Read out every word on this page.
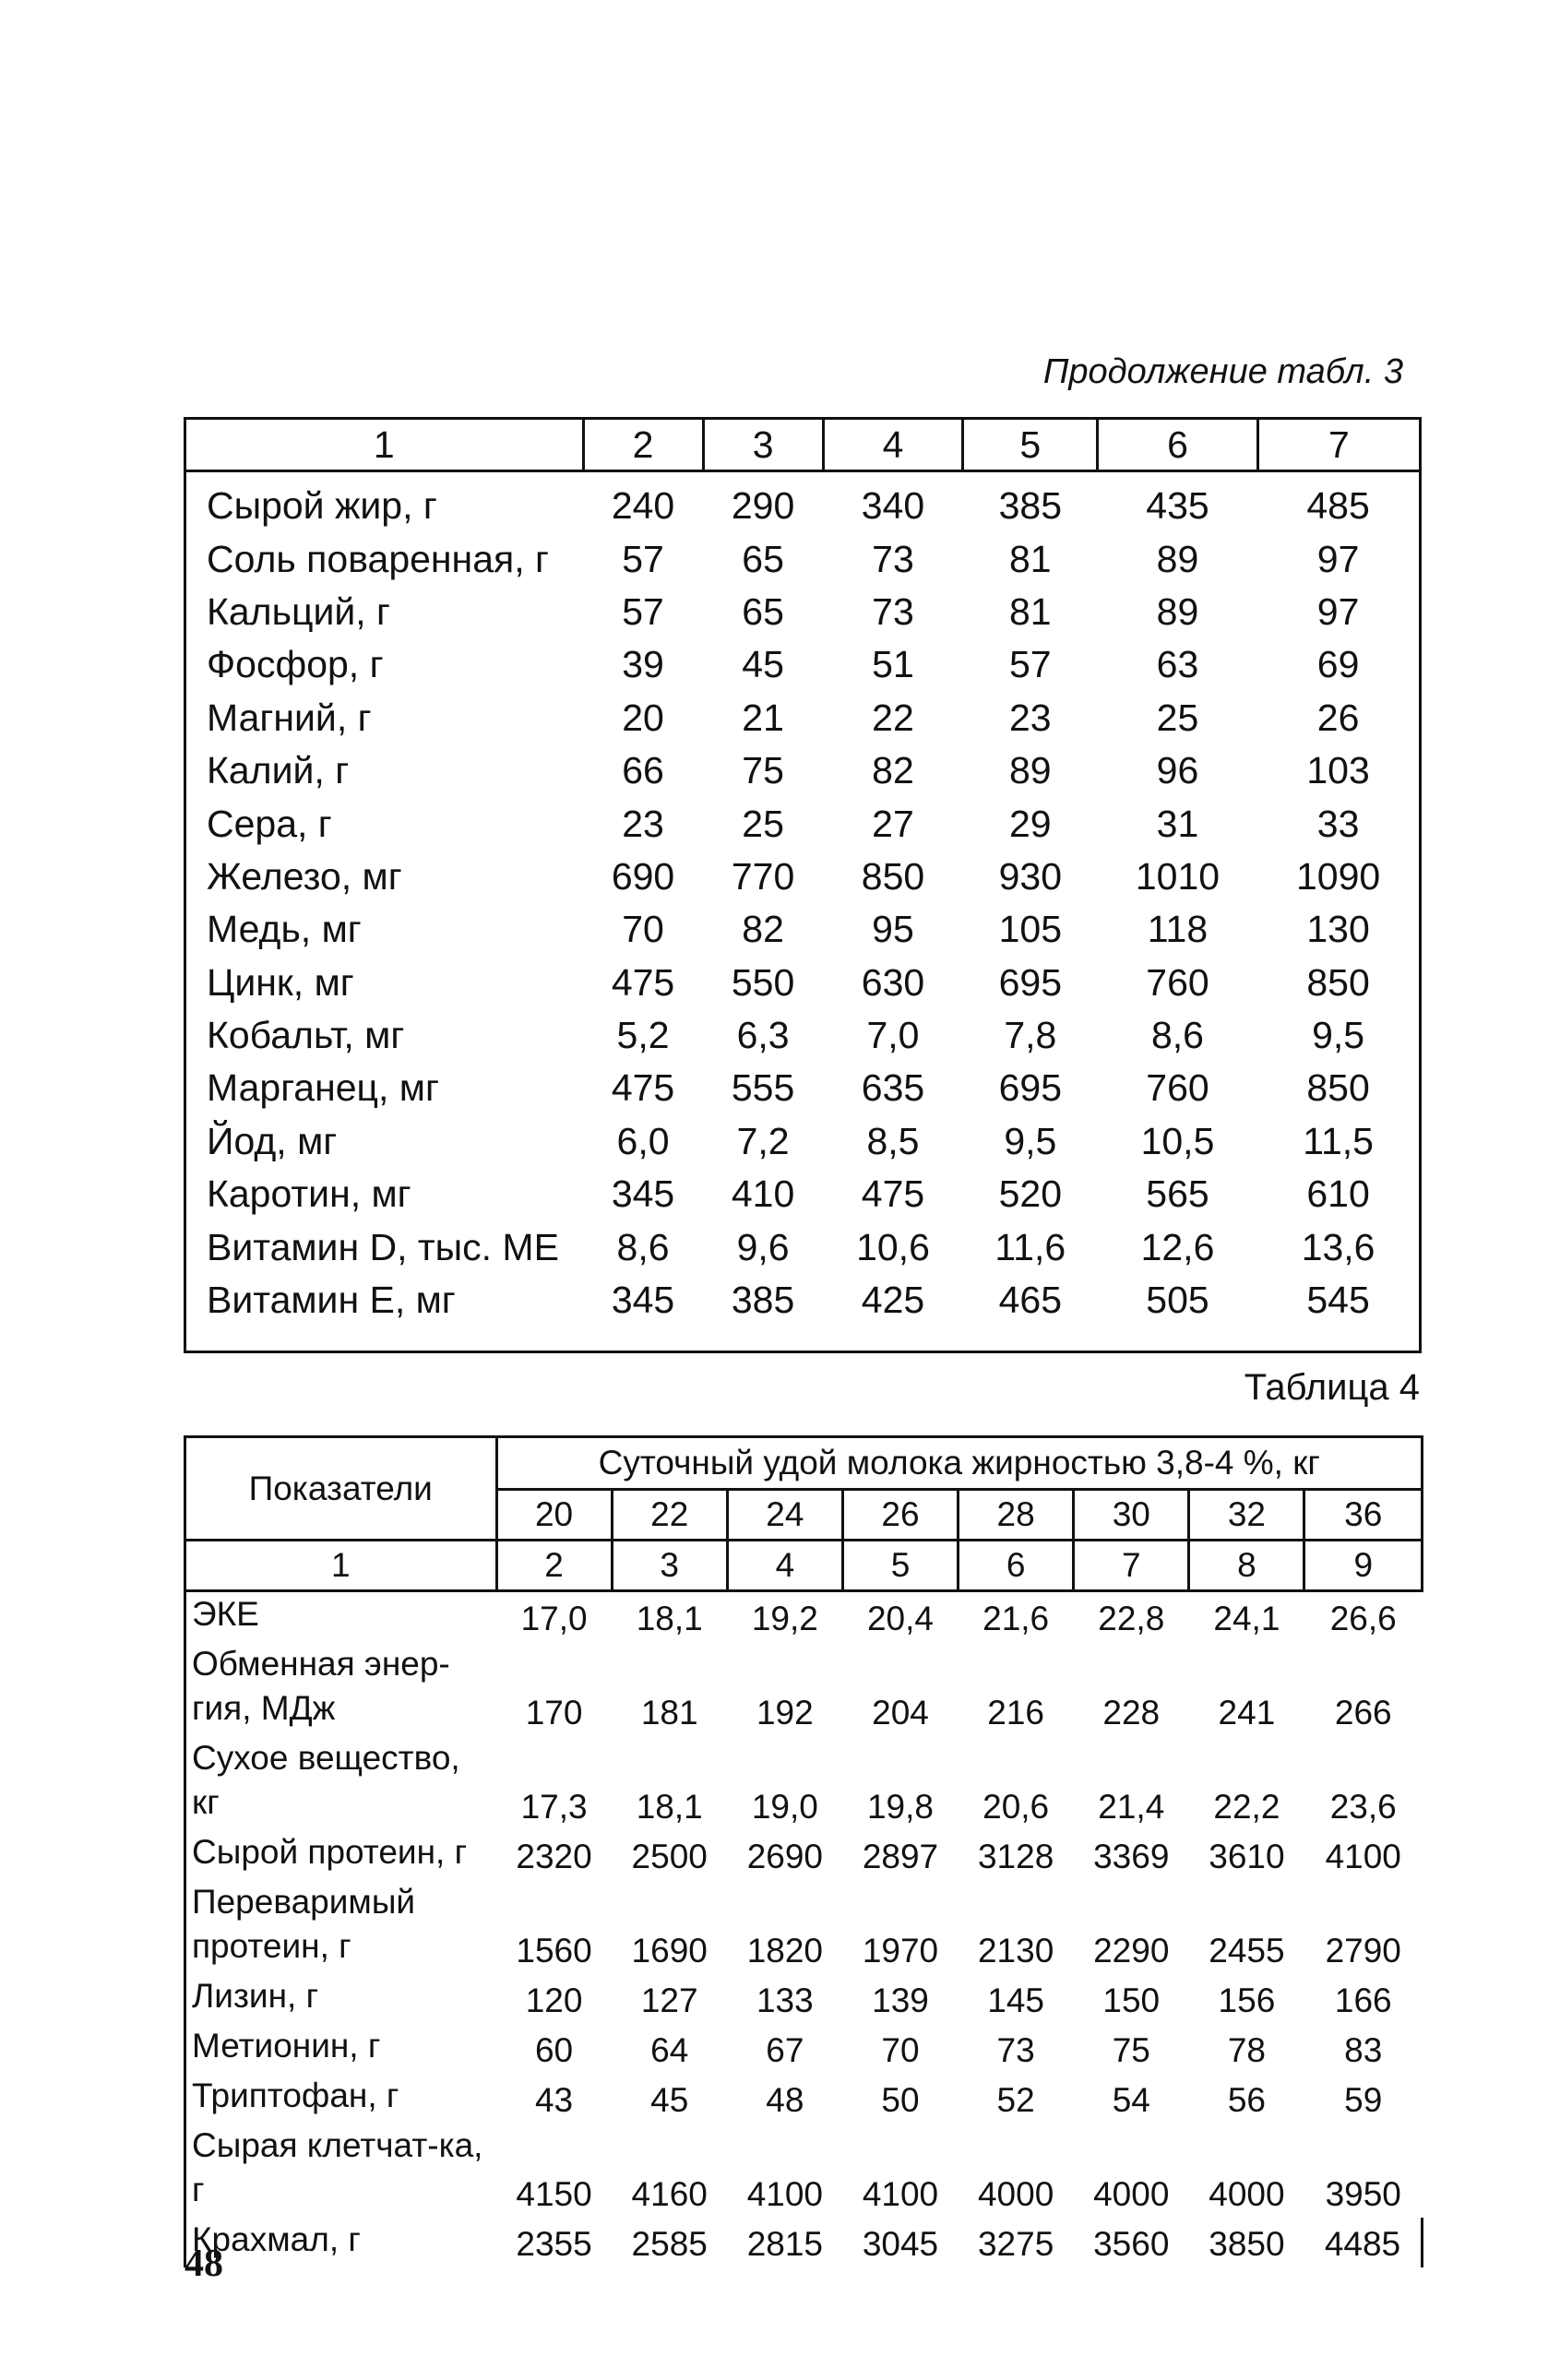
Продолжение табл. 3
1	2	3	4	5	6	7
Сырой жир, г	240	290	340	385	435	485
Соль поваренная, г	57	65	73	81	89	97
Кальций, г	57	65	73	81	89	97
Фосфор, г	39	45	51	57	63	69
Магний, г	20	21	22	23	25	26
Калий, г	66	75	82	89	96	103
Сера, г	23	25	27	29	31	33
Железо, мг	690	770	850	930	1010	1090
Медь, мг	70	82	95	105	118	130
Цинк, мг	475	550	630	695	760	850
Кобальт, мг	5,2	6,3	7,0	7,8	8,6	9,5
Марганец, мг	475	555	635	695	760	850
Йод, мг	6,0	7,2	8,5	9,5	10,5	11,5
Каротин, мг	345	410	475	520	565	610
Витамин D, тыс. МЕ	8,6	9,6	10,6	11,6	12,6	13,6
Витамин Е, мг	345	385	425	465	505	545
Таблица 4
Показатели	Суточный удой молока жирностью 3,8-4 %, кг							
	20	22	24	26	28	30	32	36
1	2	3	4	5	6	7	8	9
ЭКЕ	17,0	18,1	19,2	20,4	21,6	22,8	24,1	26,6
Обменная энер-гия, МДж	170	181	192	204	216	228	241	266
Сухое вещество, кг	17,3	18,1	19,0	19,8	20,6	21,4	22,2	23,6
Сырой протеин, г	2320	2500	2690	2897	3128	3369	3610	4100
Переваримый протеин, г	1560	1690	1820	1970	2130	2290	2455	2790
Лизин, г	120	127	133	139	145	150	156	166
Метионин, г	60	64	67	70	73	75	78	83
Триптофан, г	43	45	48	50	52	54	56	59
Сырая клетчат-ка, г	4150	4160	4100	4100	4000	4000	4000	3950
Крахмал, г	2355	2585	2815	3045	3275	3560	3850	4485
48
